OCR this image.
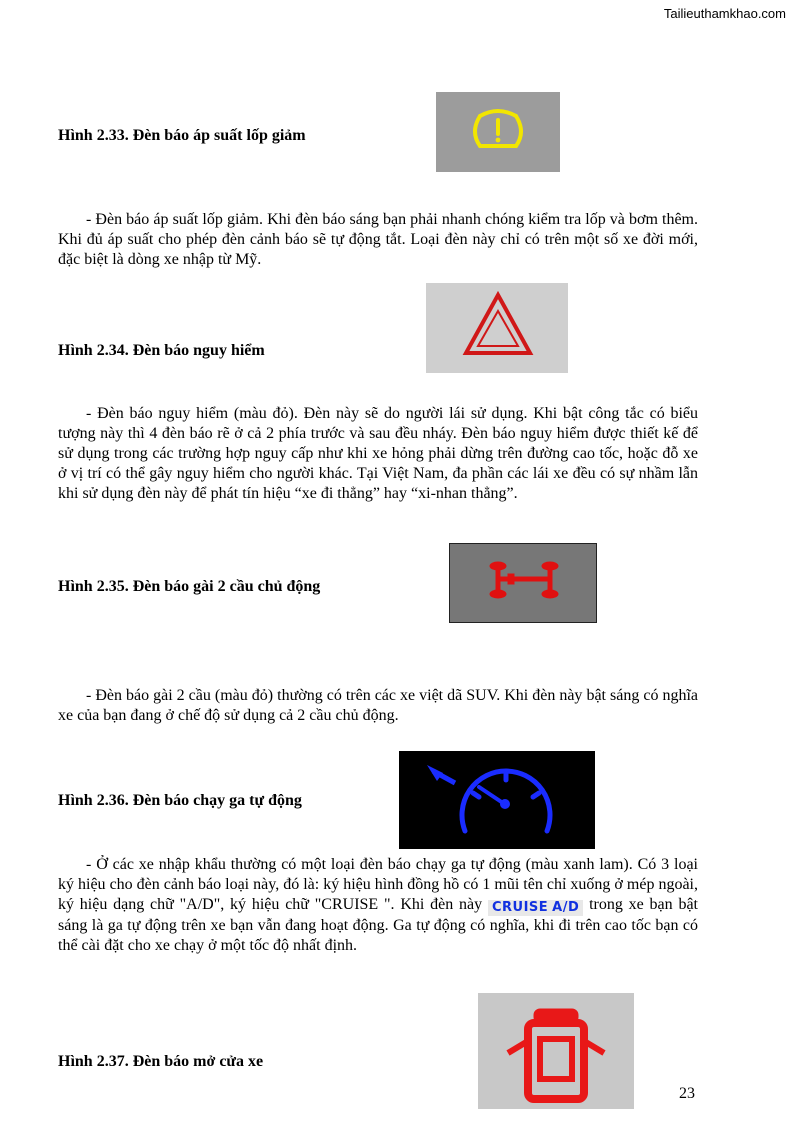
Tailieuthamkhao.com
Hình 2.33. Đèn báo áp suất lốp giảm

- Đèn báo áp suất lốp giảm. Khi đèn báo sáng bạn phải nhanh chóng kiểm tra lốp và bơm thêm. Khi đủ áp suất cho phép đèn cảnh báo sẽ tự động tắt. Loại đèn này chỉ có trên một số xe đời mới, đặc biệt là dòng xe nhập từ Mỹ.

Hình 2.34. Đèn báo nguy hiểm

- Đèn báo nguy hiểm (màu đỏ). Đèn này sẽ do người lái sử dụng. Khi bật công tắc có biểu tượng này thì 4 đèn báo rẽ ở cả 2 phía trước và sau đều nháy. Đèn báo nguy hiểm được thiết kế để sử dụng trong các trường hợp nguy cấp như khi xe hỏng phải dừng trên đường cao tốc, hoặc đỗ xe ở vị trí có thể gây nguy hiểm cho người khác. Tại Việt Nam, đa phần các lái xe đều có sự nhầm lẫn khi sử dụng đèn này để phát tín hiệu “xe đi thẳng” hay “xi-nhan thẳng”.

Hình 2.35. Đèn báo gài 2 cầu chủ động

- Đèn báo gài 2 cầu (màu đỏ) thường có trên các xe việt dã SUV. Khi đèn này bật sáng có nghĩa xe của bạn đang ở chế độ sử dụng cả 2 cầu chủ động.

Hình 2.36. Đèn báo chạy ga tự động

- Ở các xe nhập khẩu thường có một loại đèn báo chạy ga tự động (màu xanh lam). Có 3 loại ký hiệu cho đèn cảnh báo loại này, đó là: ký hiệu hình đồng hồ có 1 mũi tên chỉ xuống ở mép ngoài, ký hiệu dạng chữ "A/D", ký hiệu chữ "CRUISE ". Khi đèn này CRUISE A/D trong xe bạn bật sáng là ga tự động trên xe bạn vẫn đang hoạt động. Ga tự động có nghĩa, khi đi trên cao tốc bạn có thể cài đặt cho xe chạy ở một tốc độ nhất định.

Hình 2.37. Đèn báo mở cửa xe
23
